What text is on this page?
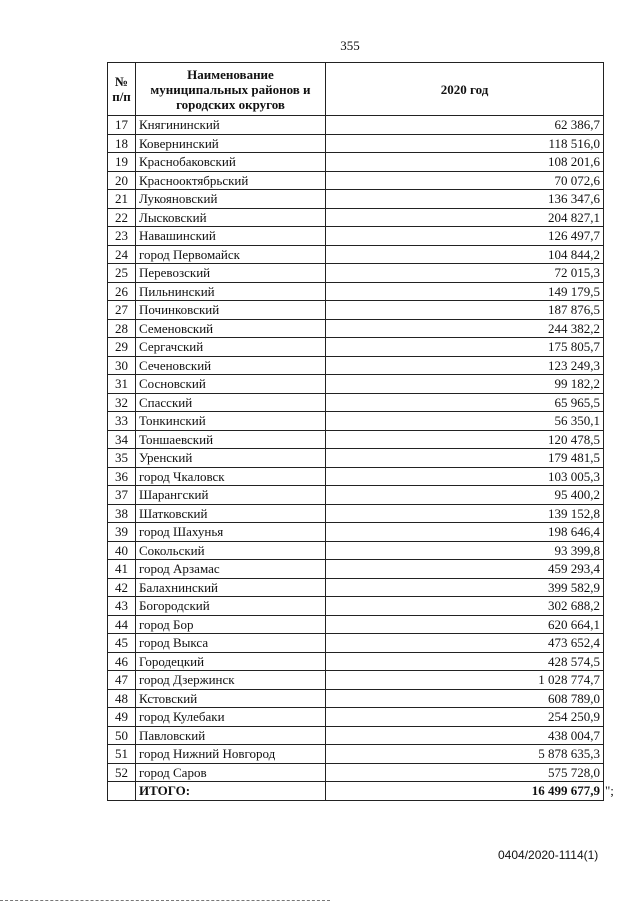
355
№ п/п	Наименование муниципальных районов и городских округов	2020 год
17	Княгининский	62 386,7
18	Ковернинский	118 516,0
19	Краснобаковский	108 201,6
20	Краснооктябрьский	70 072,6
21	Лукояновский	136 347,6
22	Лысковский	204 827,1
23	Навашинский	126 497,7
24	город Первомайск	104 844,2
25	Перевозский	72 015,3
26	Пильнинский	149 179,5
27	Починковский	187 876,5
28	Семеновский	244 382,2
29	Сергачский	175 805,7
30	Сеченовский	123 249,3
31	Сосновский	99 182,2
32	Спасский	65 965,5
33	Тонкинский	56 350,1
34	Тоншаевский	120 478,5
35	Уренский	179 481,5
36	город Чкаловск	103 005,3
37	Шарангский	95 400,2
38	Шатковский	139 152,8
39	город Шахунья	198 646,4
40	Сокольский	93 399,8
41	город Арзамас	459 293,4
42	Балахнинский	399 582,9
43	Богородский	302 688,2
44	город Бор	620 664,1
45	город Выкса	473 652,4
46	Городецкий	428 574,5
47	город Дзержинск	1 028 774,7
48	Кстовский	608 789,0
49	город Кулебаки	254 250,9
50	Павловский	438 004,7
51	город Нижний Новгород	5 878 635,3
52	город Саров	575 728,0
	ИТОГО:	16 499 677,9 ";
0404/2020-1114(1)
